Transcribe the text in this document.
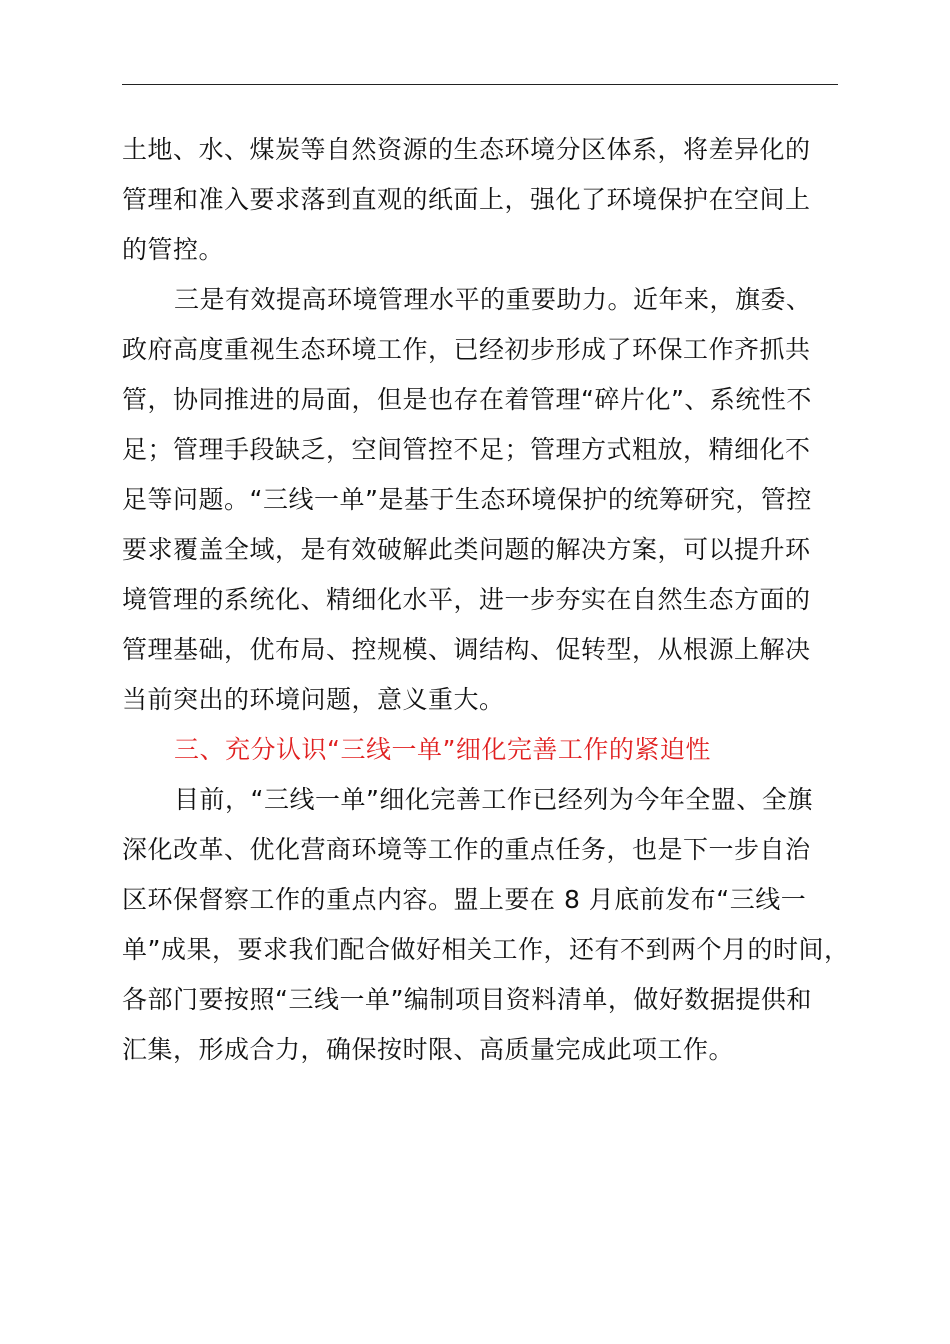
土地、水、煤炭等自然资源的生态环境分区体系，将差异化的
管理和准入要求落到直观的纸面上，强化了环境保护在空间上
的管控。
三是有效提高环境管理水平的重要助力。近年来，旗委、
政府高度重视生态环境工作，已经初步形成了环保工作齐抓共
管，协同推进的局面，但是也存在着管理“碎片化”、系统性不
足；管理手段缺乏，空间管控不足；管理方式粗放，精细化不
足等问题。“三线一单”是基于生态环境保护的统筹研究，管控
要求覆盖全域，是有效破解此类问题的解决方案，可以提升环
境管理的系统化、精细化水平，进一步夯实在自然生态方面的
管理基础，优布局、控规模、调结构、促转型，从根源上解决
当前突出的环境问题，意义重大。
三、充分认识“三线一单”细化完善工作的紧迫性
目前，“三线一单”细化完善工作已经列为今年全盟、全旗
深化改革、优化营商环境等工作的重点任务，也是下一步自治
区环保督察工作的重点内容。盟上要在 8 月底前发布“三线一
单”成果，要求我们配合做好相关工作，还有不到两个月的时间，
各部门要按照“三线一单”编制项目资料清单，做好数据提供和
汇集，形成合力，确保按时限、高质量完成此项工作。
